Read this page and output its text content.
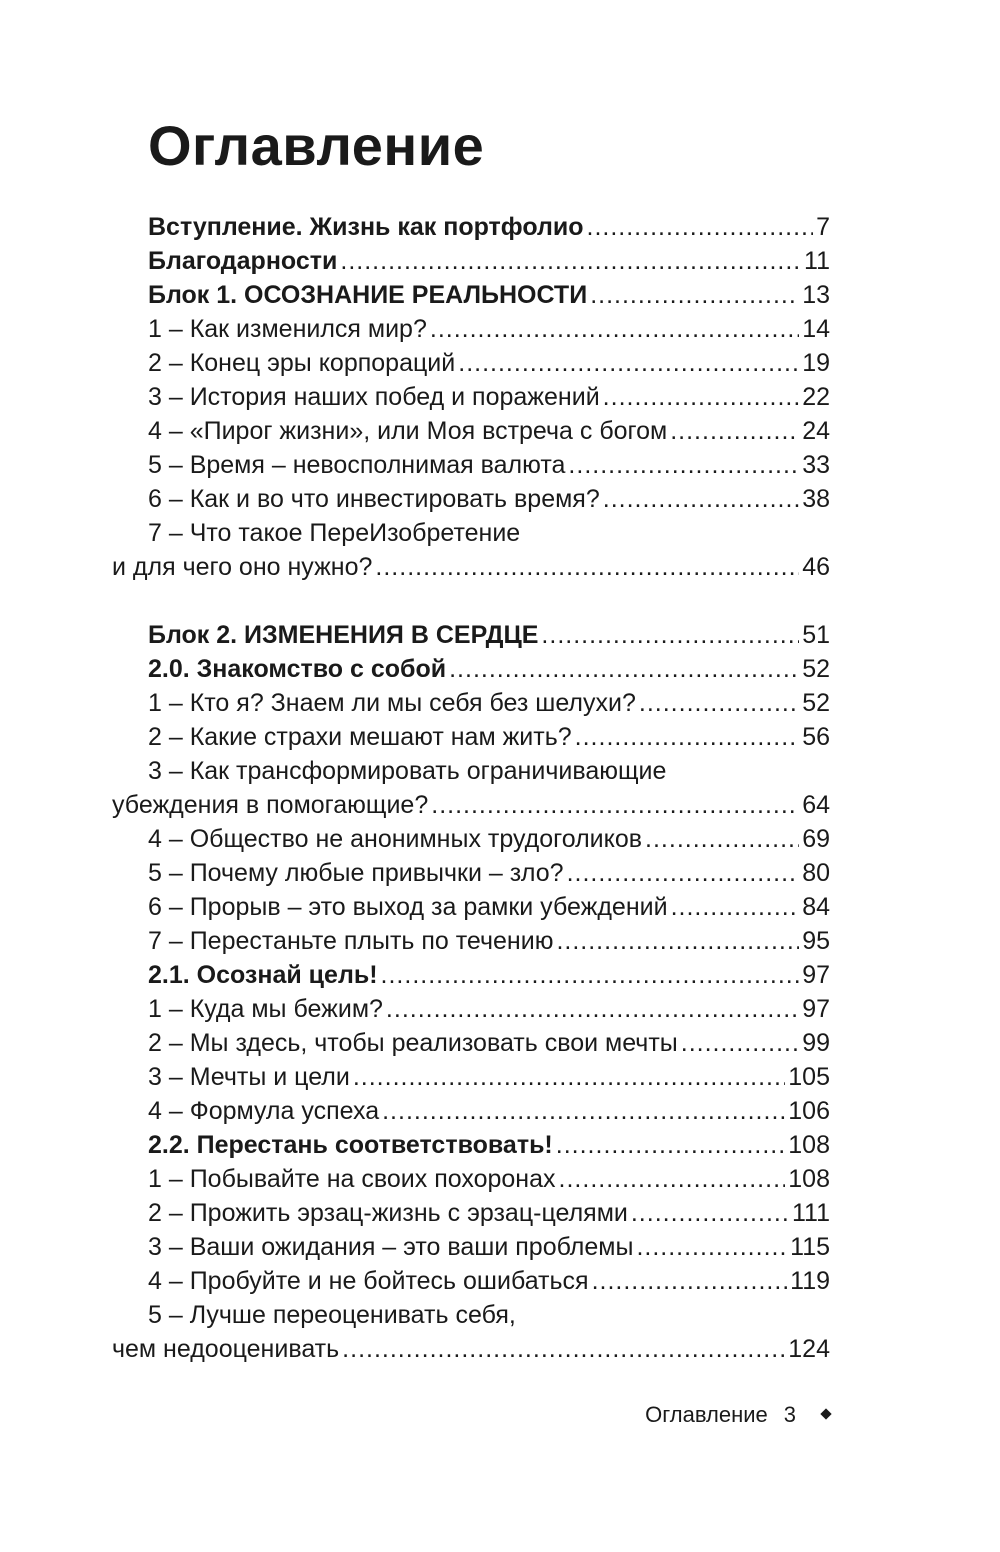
Оглавление
Вступление. Жизнь как портфолио .....	7
Благодарности .....	11
Блок 1. ОСОЗНАНИЕ РЕАЛЬНОСТИ .....	13
1 – Как изменился мир? .....	14
2 – Конец эры корпораций .....	19
3 – История наших побед и поражений .....	22
4 – «Пирог жизни», или Моя встреча с богом .....	24
5 – Время – невосполнимая валюта .....	33
6 – Как и во что инвестировать время? .....	38
7 – Что такое ПереИзобретение
и для чего оно нужно? .....	46
Блок 2. ИЗМЕНЕНИЯ В СЕРДЦЕ .....	51
2.0. Знакомство с собой .....	52
1 – Кто я? Знаем ли мы себя без шелухи? .....	52
2 – Какие страхи мешают нам жить? .....	56
3 – Как трансформировать ограничивающие
убеждения в помогающие? .....	64
4 – Общество не анонимных трудоголиков .....	69
5 – Почему любые привычки – зло? .....	80
6 – Прорыв – это выход за рамки убеждений .....	84
7 – Перестаньте плыть по течению .....	95
2.1. Осознай цель! .....	97
1 – Куда мы бежим? .....	97
2 – Мы здесь, чтобы реализовать свои мечты .....	99
3 – Мечты и цели .....	105
4 – Формула успеха .....	106
2.2. Перестань соответствовать! .....	108
1 – Побывайте на своих похоронах .....	108
2 – Прожить эрзац-жизнь с эрзац-целями .....	111
3 – Ваши ожидания – это ваши проблемы .....	115
4 – Пробуйте и не бойтесь ошибаться .....	119
5 – Лучше переоценивать себя,
чем недооценивать .....	124
Оглавление 3
